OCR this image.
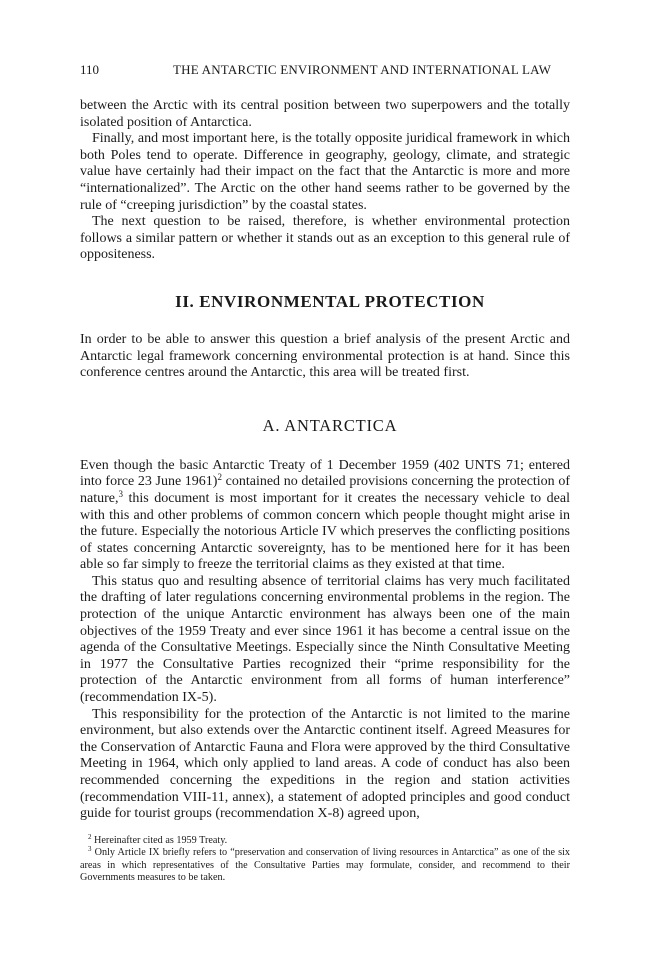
110	THE ANTARCTIC ENVIRONMENT AND INTERNATIONAL LAW

between the Arctic with its central position between two superpowers and the totally isolated position of Antarctica.

Finally, and most important here, is the totally opposite juridical framework in which both Poles tend to operate. Difference in geography, geology, climate, and strategic value have certainly had their impact on the fact that the Antarctic is more and more “internationalized”. The Arctic on the other hand seems rather to be governed by the rule of “creeping jurisdiction” by the coastal states.

The next question to be raised, therefore, is whether environmental protection follows a similar pattern or whether it stands out as an exception to this general rule of oppositeness.

II. ENVIRONMENTAL PROTECTION

In order to be able to answer this question a brief analysis of the present Arctic and Antarctic legal framework concerning environmental protection is at hand. Since this conference centres around the Antarctic, this area will be treated first.

A. ANTARCTICA

Even though the basic Antarctic Treaty of 1 December 1959 (402 UNTS 71; entered into force 23 June 1961)$^2$ contained no detailed provisions concerning the protection of nature,$^3$ this document is most important for it creates the necessary vehicle to deal with this and other problems of common concern which people thought might arise in the future. Especially the notorious Article IV which preserves the conflicting positions of states concerning Antarctic sovereignty, has to be mentioned here for it has been able so far simply to freeze the territorial claims as they existed at that time.

This status quo and resulting absence of territorial claims has very much facilitated the drafting of later regulations concerning environmental problems in the region. The protection of the unique Antarctic environment has always been one of the main objectives of the 1959 Treaty and ever since 1961 it has become a central issue on the agenda of the Consultative Meetings. Especially since the Ninth Consultative Meeting in 1977 the Consultative Parties recognized their “prime responsibility for the protection of the Antarctic environment from all forms of human interference” (recommendation IX-5).

This responsibility for the protection of the Antarctic is not limited to the marine environment, but also extends over the Antarctic continent itself. Agreed Measures for the Conservation of Antarctic Fauna and Flora were approved by the third Consultative Meeting in 1964, which only applied to land areas. A code of conduct has also been recommended concerning the expeditions in the region and station activities (recommendation VIII-11, annex), a statement of adopted principles and good conduct guide for tourist groups (recommendation X-8) agreed upon,

$^2$ Hereinafter cited as 1959 Treaty.

$^3$ Only Article IX briefly refers to “preservation and conservation of living resources in Antarctica” as one of the six areas in which representatives of the Consultative Parties may formulate, consider, and recommend to their Governments measures to be taken.
